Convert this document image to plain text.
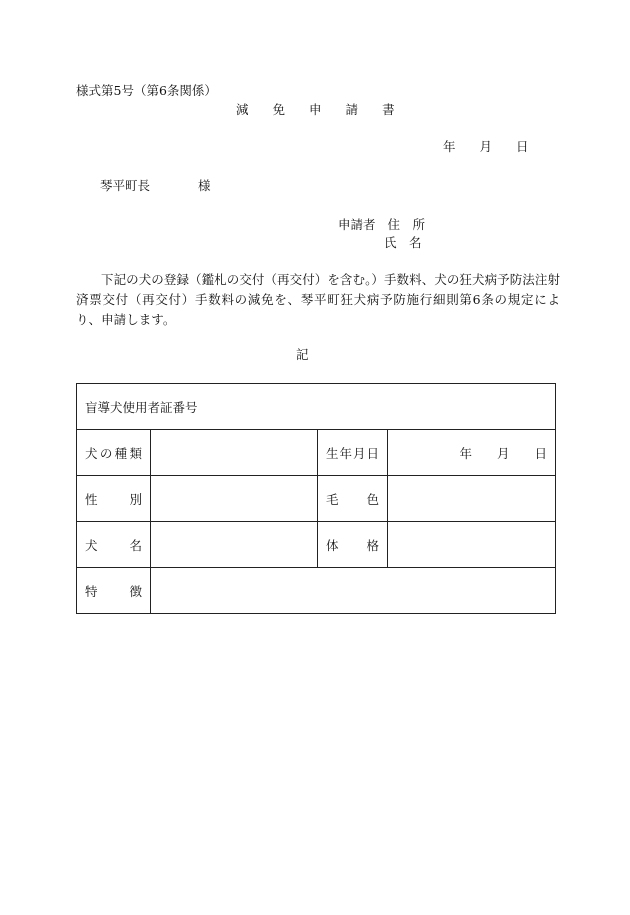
様式第5号（第6条関係）
減 免 申 請 書
年 月 日
琴平町長	様
申請者 住　所
氏　名
下記の犬の登録（鑑札の交付（再交付）を含む。）手数料、犬の狂犬病予防法注射済票交付（再交付）手数料の減免を、琴平町狂犬病予防施行細則第6条の規定により、申請します。
記
盲導犬使用者証番号			

犬 の 種 類		生 年 月 日	年 月 日

性 別		毛 色	

犬 名		体 格	

特 徴			
